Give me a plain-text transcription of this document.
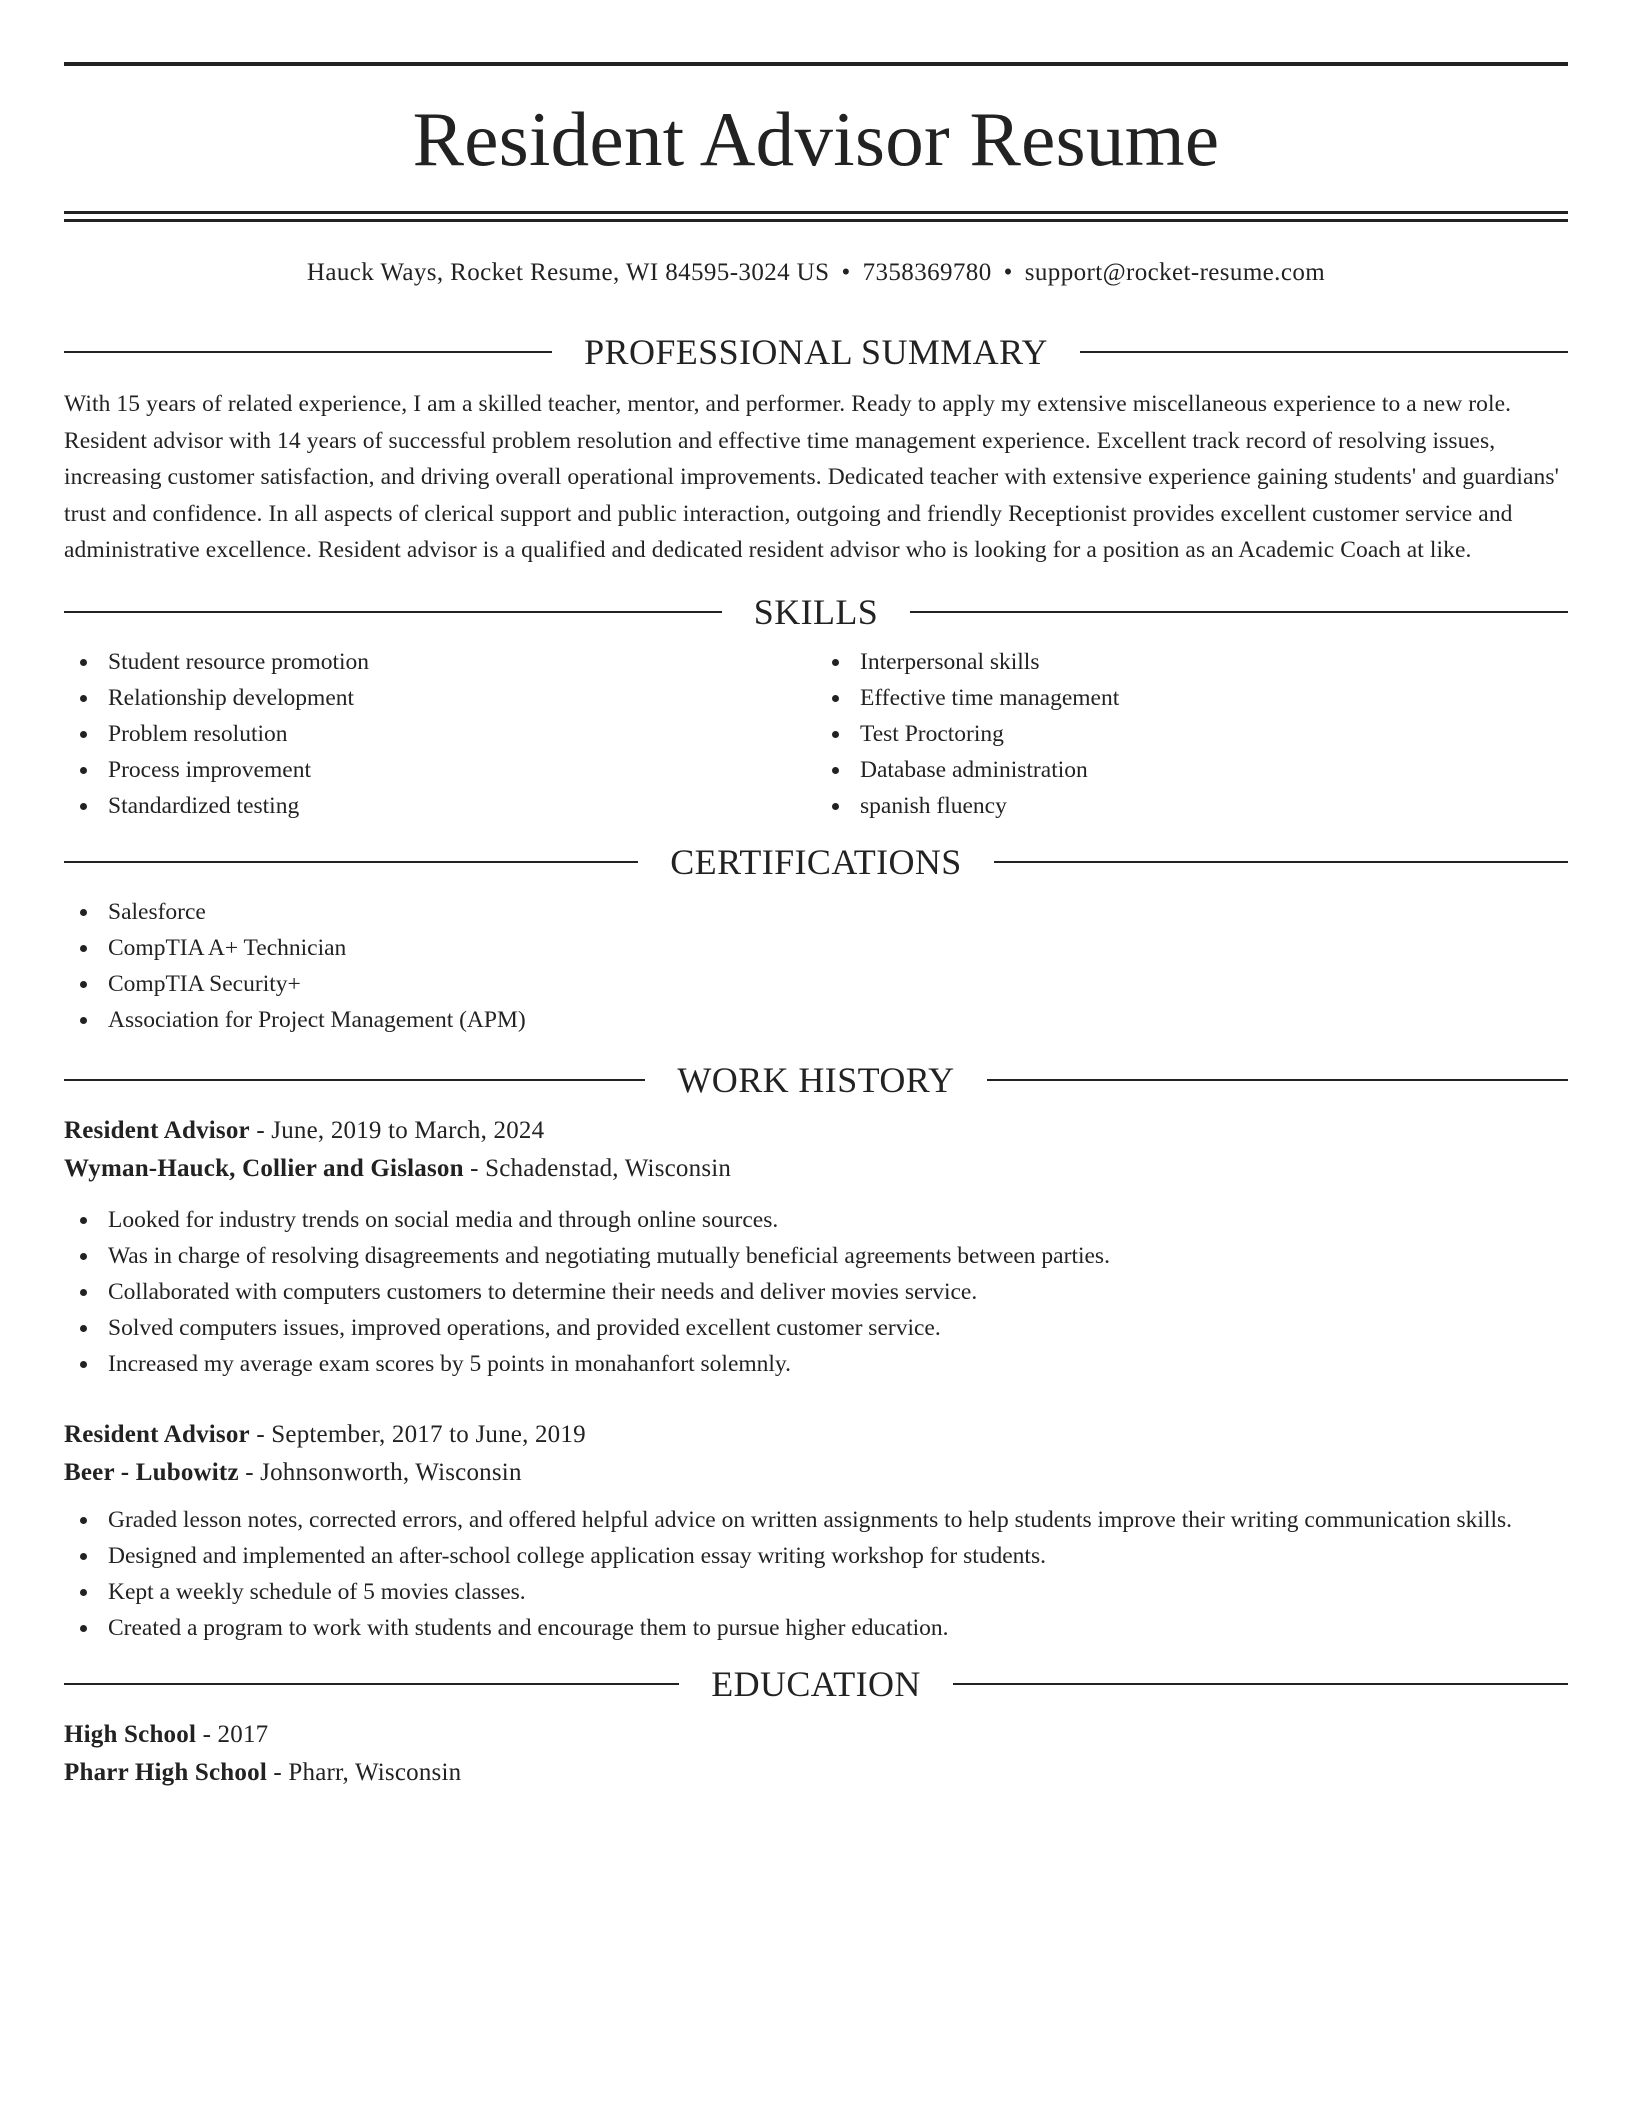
Resident Advisor Resume
Hauck Ways, Rocket Resume, WI 84595-3024 US • 7358369780 • support@rocket-resume.com
PROFESSIONAL SUMMARY

With 15 years of related experience, I am a skilled teacher, mentor, and performer. Ready to apply my extensive miscellaneous experience to a new role. Resident advisor with 14 years of successful problem resolution and effective time management experience. Excellent track record of resolving issues, increasing customer satisfaction, and driving overall operational improvements. Dedicated teacher with extensive experience gaining students' and guardians' trust and confidence. In all aspects of clerical support and public interaction, outgoing and friendly Receptionist provides excellent customer service and administrative excellence. Resident advisor is a qualified and dedicated resident advisor who is looking for a position as an Academic Coach at like.

SKILLS
Student resource promotion
Relationship development
Problem resolution
Process improvement
Standardized testing
Interpersonal skills
Effective time management
Test Proctoring
Database administration
spanish fluency
CERTIFICATIONS
Salesforce
CompTIA A+ Technician
CompTIA Security+
Association for Project Management (APM)
WORK HISTORY
Resident Advisor - June, 2019 to March, 2024
Wyman-Hauck, Collier and Gislason - Schadenstad, Wisconsin
Looked for industry trends on social media and through online sources.
Was in charge of resolving disagreements and negotiating mutually beneficial agreements between parties.
Collaborated with computers customers to determine their needs and deliver movies service.
Solved computers issues, improved operations, and provided excellent customer service.
Increased my average exam scores by 5 points in monahanfort solemnly.
Resident Advisor - September, 2017 to June, 2019
Beer - Lubowitz - Johnsonworth, Wisconsin
Graded lesson notes, corrected errors, and offered helpful advice on written assignments to help students improve their writing communication skills.
Designed and implemented an after-school college application essay writing workshop for students.
Kept a weekly schedule of 5 movies classes.
Created a program to work with students and encourage them to pursue higher education.
EDUCATION
High School - 2017
Pharr High School - Pharr, Wisconsin
